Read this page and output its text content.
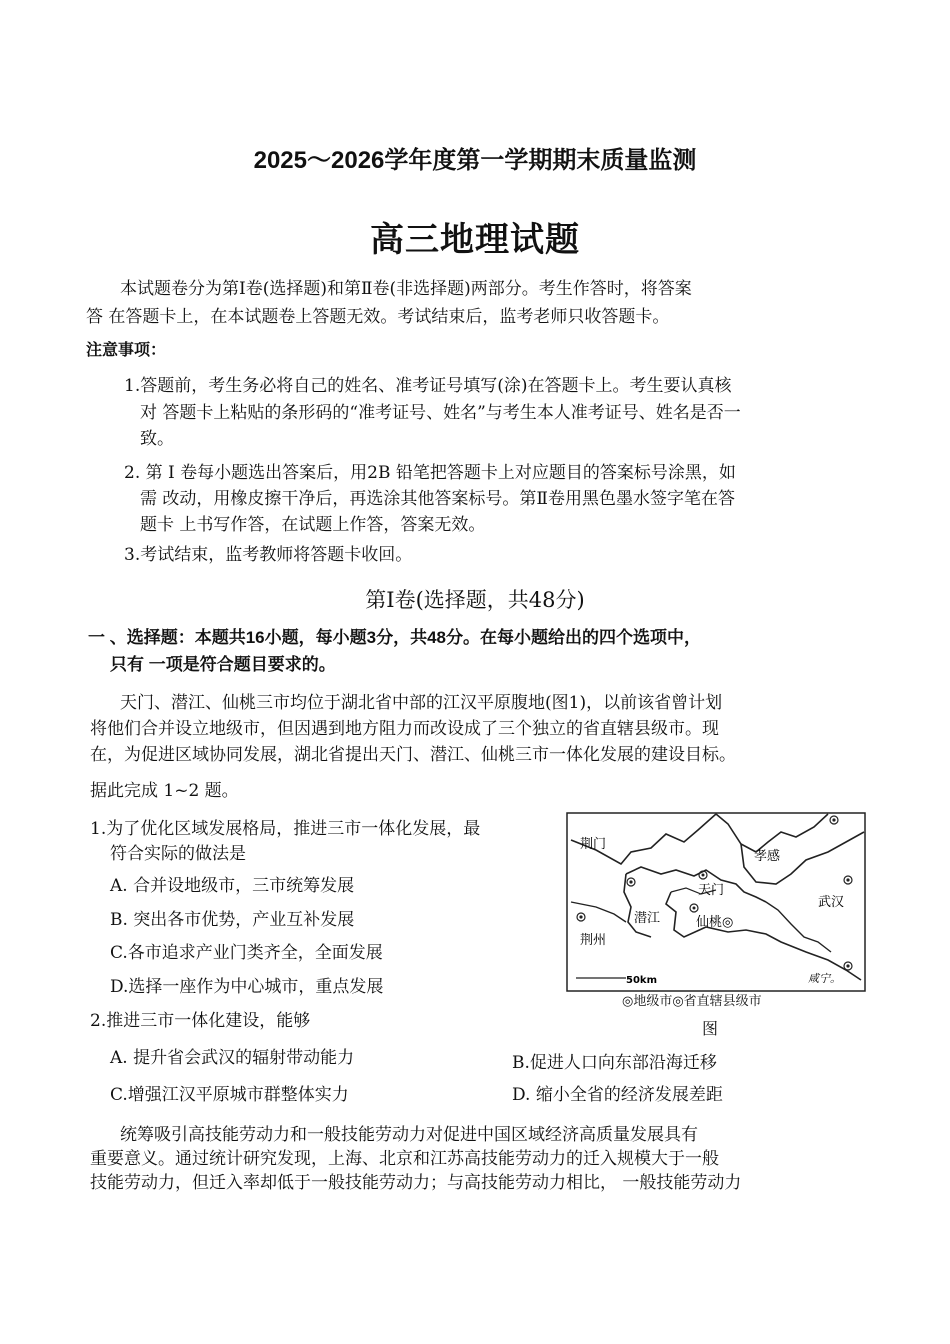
2025～2026学年度第一学期期末质量监测
高三地理试题
本试题卷分为第Ⅰ卷(选择题)和第Ⅱ卷(非选择题)两部分。考生作答时，将答案
答 在答题卡上，在本试题卷上答题无效。考试结束后，监考老师只收答题卡。
注意事项：
1.答题前，考生务必将自己的姓名、准考证号填写(涂)在答题卡上。考生要认真核
对 答题卡上粘贴的条形码的“准考证号、姓名”与考生本人准考证号、姓名是否一
致。
2. 第 Ⅰ 卷每小题选出答案后，用2B 铅笔把答题卡上对应题目的答案标号涂黑，如
需 改动，用橡皮擦干净后，再选涂其他答案标号。第Ⅱ卷用黑色墨水签字笔在答
题卡 上书写作答，在试题上作答，答案无效。
3.考试结束，监考教师将答题卡收回。
第Ⅰ卷(选择题，共48分)
一 、选择题：本题共16小题，每小题3分，共48分。在每小题给出的四个选项中，
只有 一项是符合题目要求的。
天门、潜江、仙桃三市均位于湖北省中部的江汉平原腹地(图1)，以前该省曾计划
将他们合并设立地级市，但因遇到地方阻力而改设成了三个独立的省直辖县级市。现
在，为促进区域协同发展，湖北省提出天门、潜江、仙桃三市一体化发展的建设目标。
据此完成 1~2 题。
1.为了优化区域发展格局，推进三市一体化发展，最
符合实际的做法是
A. 合并设地级市，三市统筹发展
B. 突出各市优势，产业互补发展
C.各市追求产业门类齐全，全面发展
D.选择一座作为中心城市，重点发展
2.推进三市一体化建设，能够
A. 提升省会武汉的辐射带动能力	B.促进人口向东部沿海迁移
C.增强江汉平原城市群整体实力	D. 缩小全省的经济发展差距
荆门
孝感
天门
武汉
潜江	仙桃◎
荆州
咸宁。
50km
◎地级市◎省直辖县级市
图
统筹吸引高技能劳动力和一般技能劳动力对促进中国区域经济高质量发展具有
重要意义。通过统计研究发现，上海、北京和江苏高技能劳动力的迁入规模大于一般
技能劳动力，但迁入率却低于一般技能劳动力；与高技能劳动力相比， 一般技能劳动力
